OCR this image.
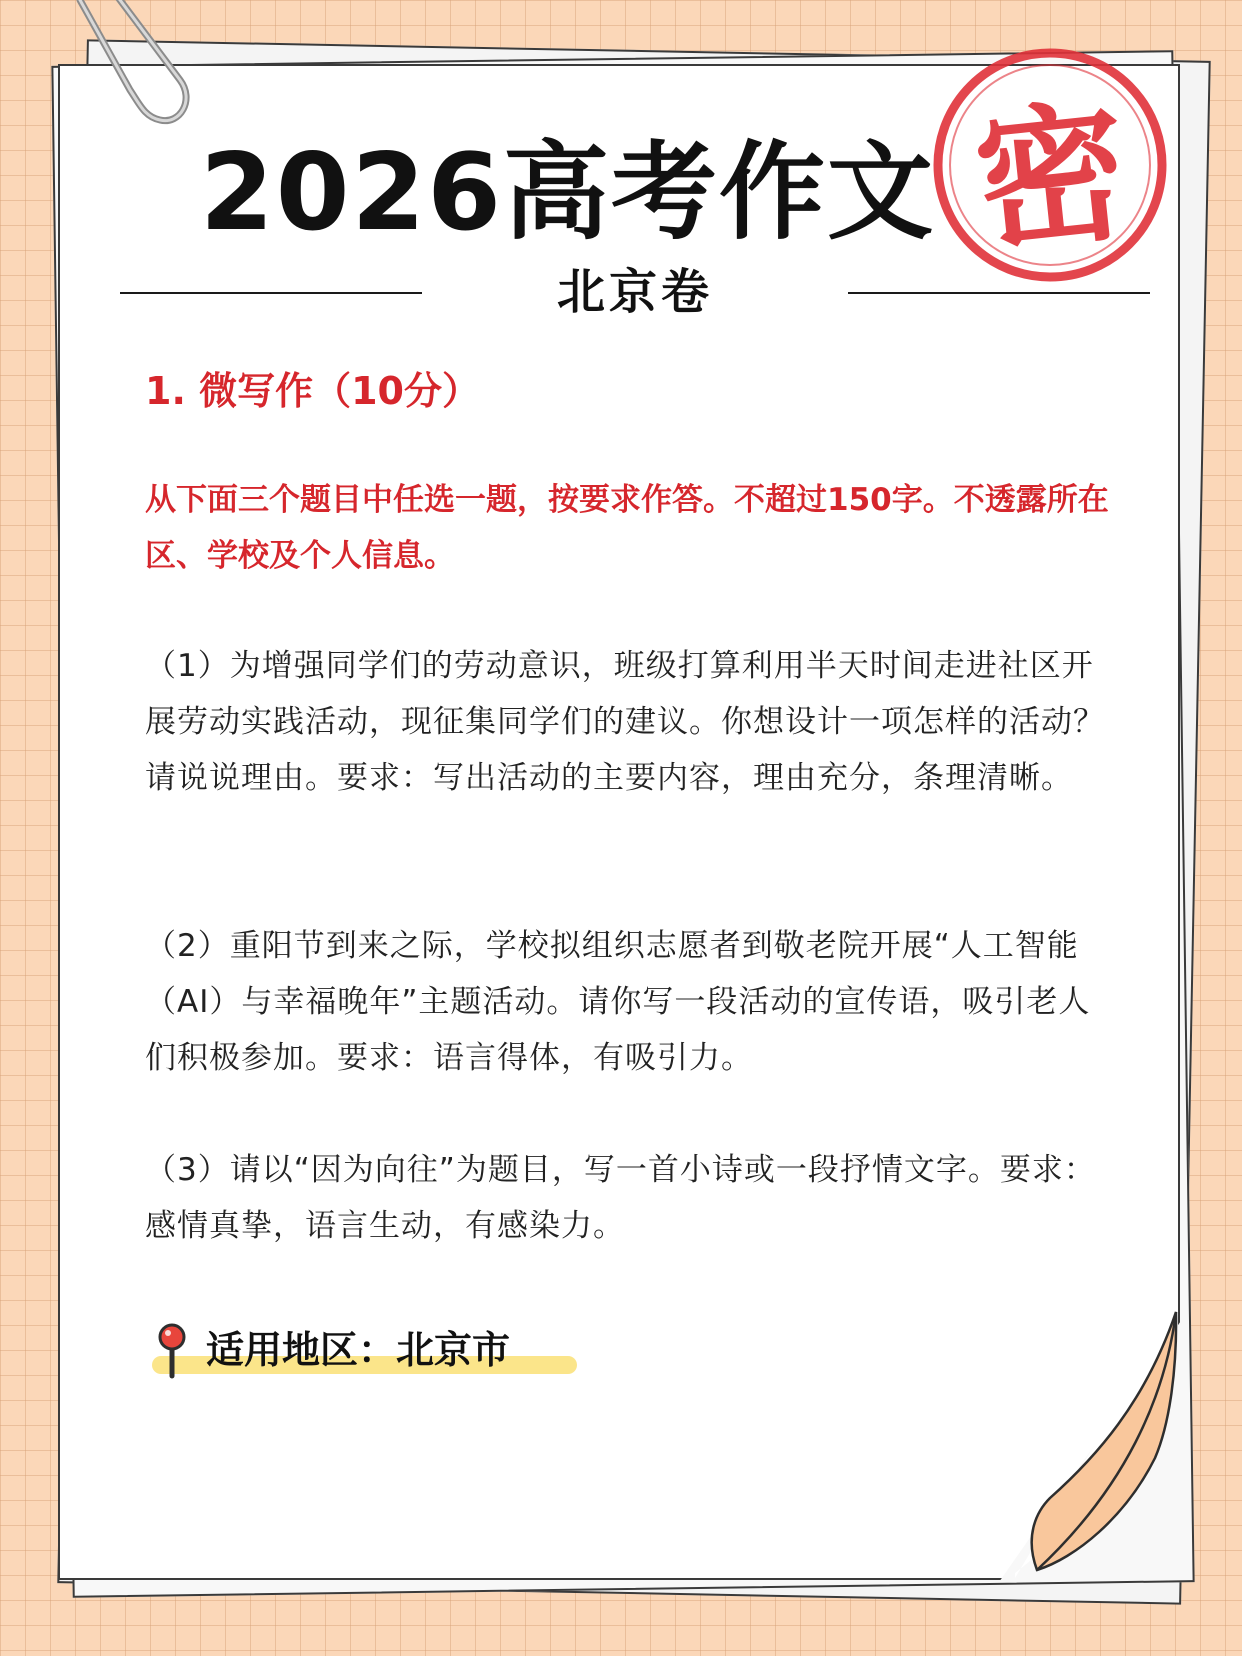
密
2026高考作文
北京卷
1. 微写作（10分）
从下面三个题目中任选一题，按要求作答。不超过150字。不透露所在区、学校及个人信息。
（1）为增强同学们的劳动意识，班级打算利用半天时间走进社区开展劳动实践活动，现征集同学们的建议。你想设计一项怎样的活动？请说说理由。要求：写出活动的主要内容，理由充分，条理清晰。
（2）重阳节到来之际，学校拟组织志愿者到敬老院开展“人工智能（AI）与幸福晚年”主题活动。请你写一段活动的宣传语，吸引老人们积极参加。要求：语言得体，有吸引力。
（3）请以“因为向往”为题目，写一首小诗或一段抒情文字。要求：感情真挚，语言生动，有感染力。
适用地区：北京市
